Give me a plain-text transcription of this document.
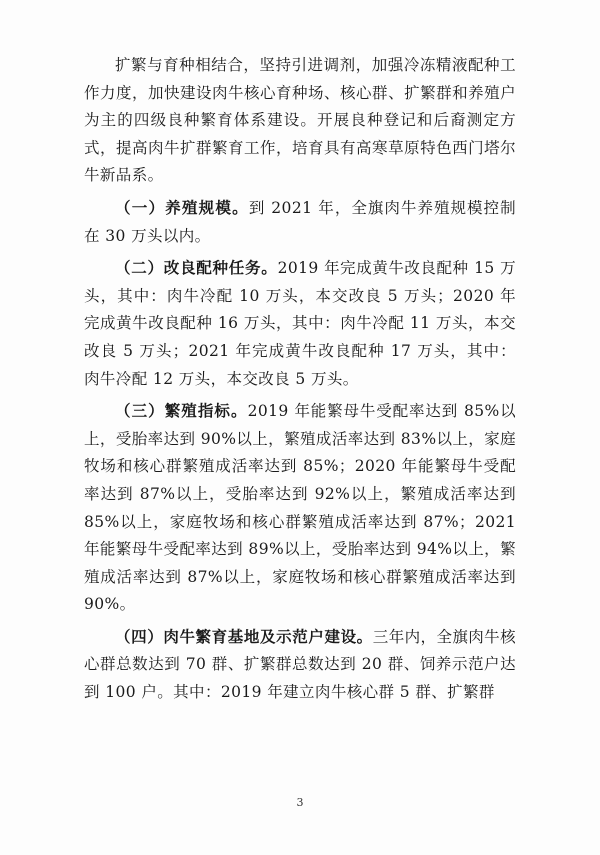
扩繁与育种相结合，坚持引进调剂，加强冷冻精液配种工作力度，加快建设肉牛核心育种场、核心群、扩繁群和养殖户为主的四级良种繁育体系建设。开展良种登记和后裔测定方式，提高肉牛扩群繁育工作，培育具有高寒草原特色西门塔尔牛新品系。

（一）养殖规模。到 2021 年，全旗肉牛养殖规模控制在 30 万头以内。

（二）改良配种任务。2019 年完成黄牛改良配种 15 万头，其中：肉牛冷配 10 万头，本交改良 5 万头；2020 年完成黄牛改良配种 16 万头，其中：肉牛冷配 11 万头，本交改良 5 万头；2021 年完成黄牛改良配种 17 万头，其中：肉牛冷配 12 万头，本交改良 5 万头。

（三）繁殖指标。2019 年能繁母牛受配率达到 85%以上，受胎率达到 90%以上，繁殖成活率达到 83%以上，家庭牧场和核心群繁殖成活率达到 85%；2020 年能繁母牛受配率达到 87%以上，受胎率达到 92%以上，繁殖成活率达到 85%以上，家庭牧场和核心群繁殖成活率达到 87%；2021 年能繁母牛受配率达到 89%以上，受胎率达到 94%以上，繁殖成活率达到 87%以上，家庭牧场和核心群繁殖成活率达到 90%。

（四）肉牛繁育基地及示范户建设。三年内，全旗肉牛核心群总数达到 70 群、扩繁群总数达到 20 群、饲养示范户达到 100 户。其中：2019 年建立肉牛核心群 5 群、扩繁群

3
